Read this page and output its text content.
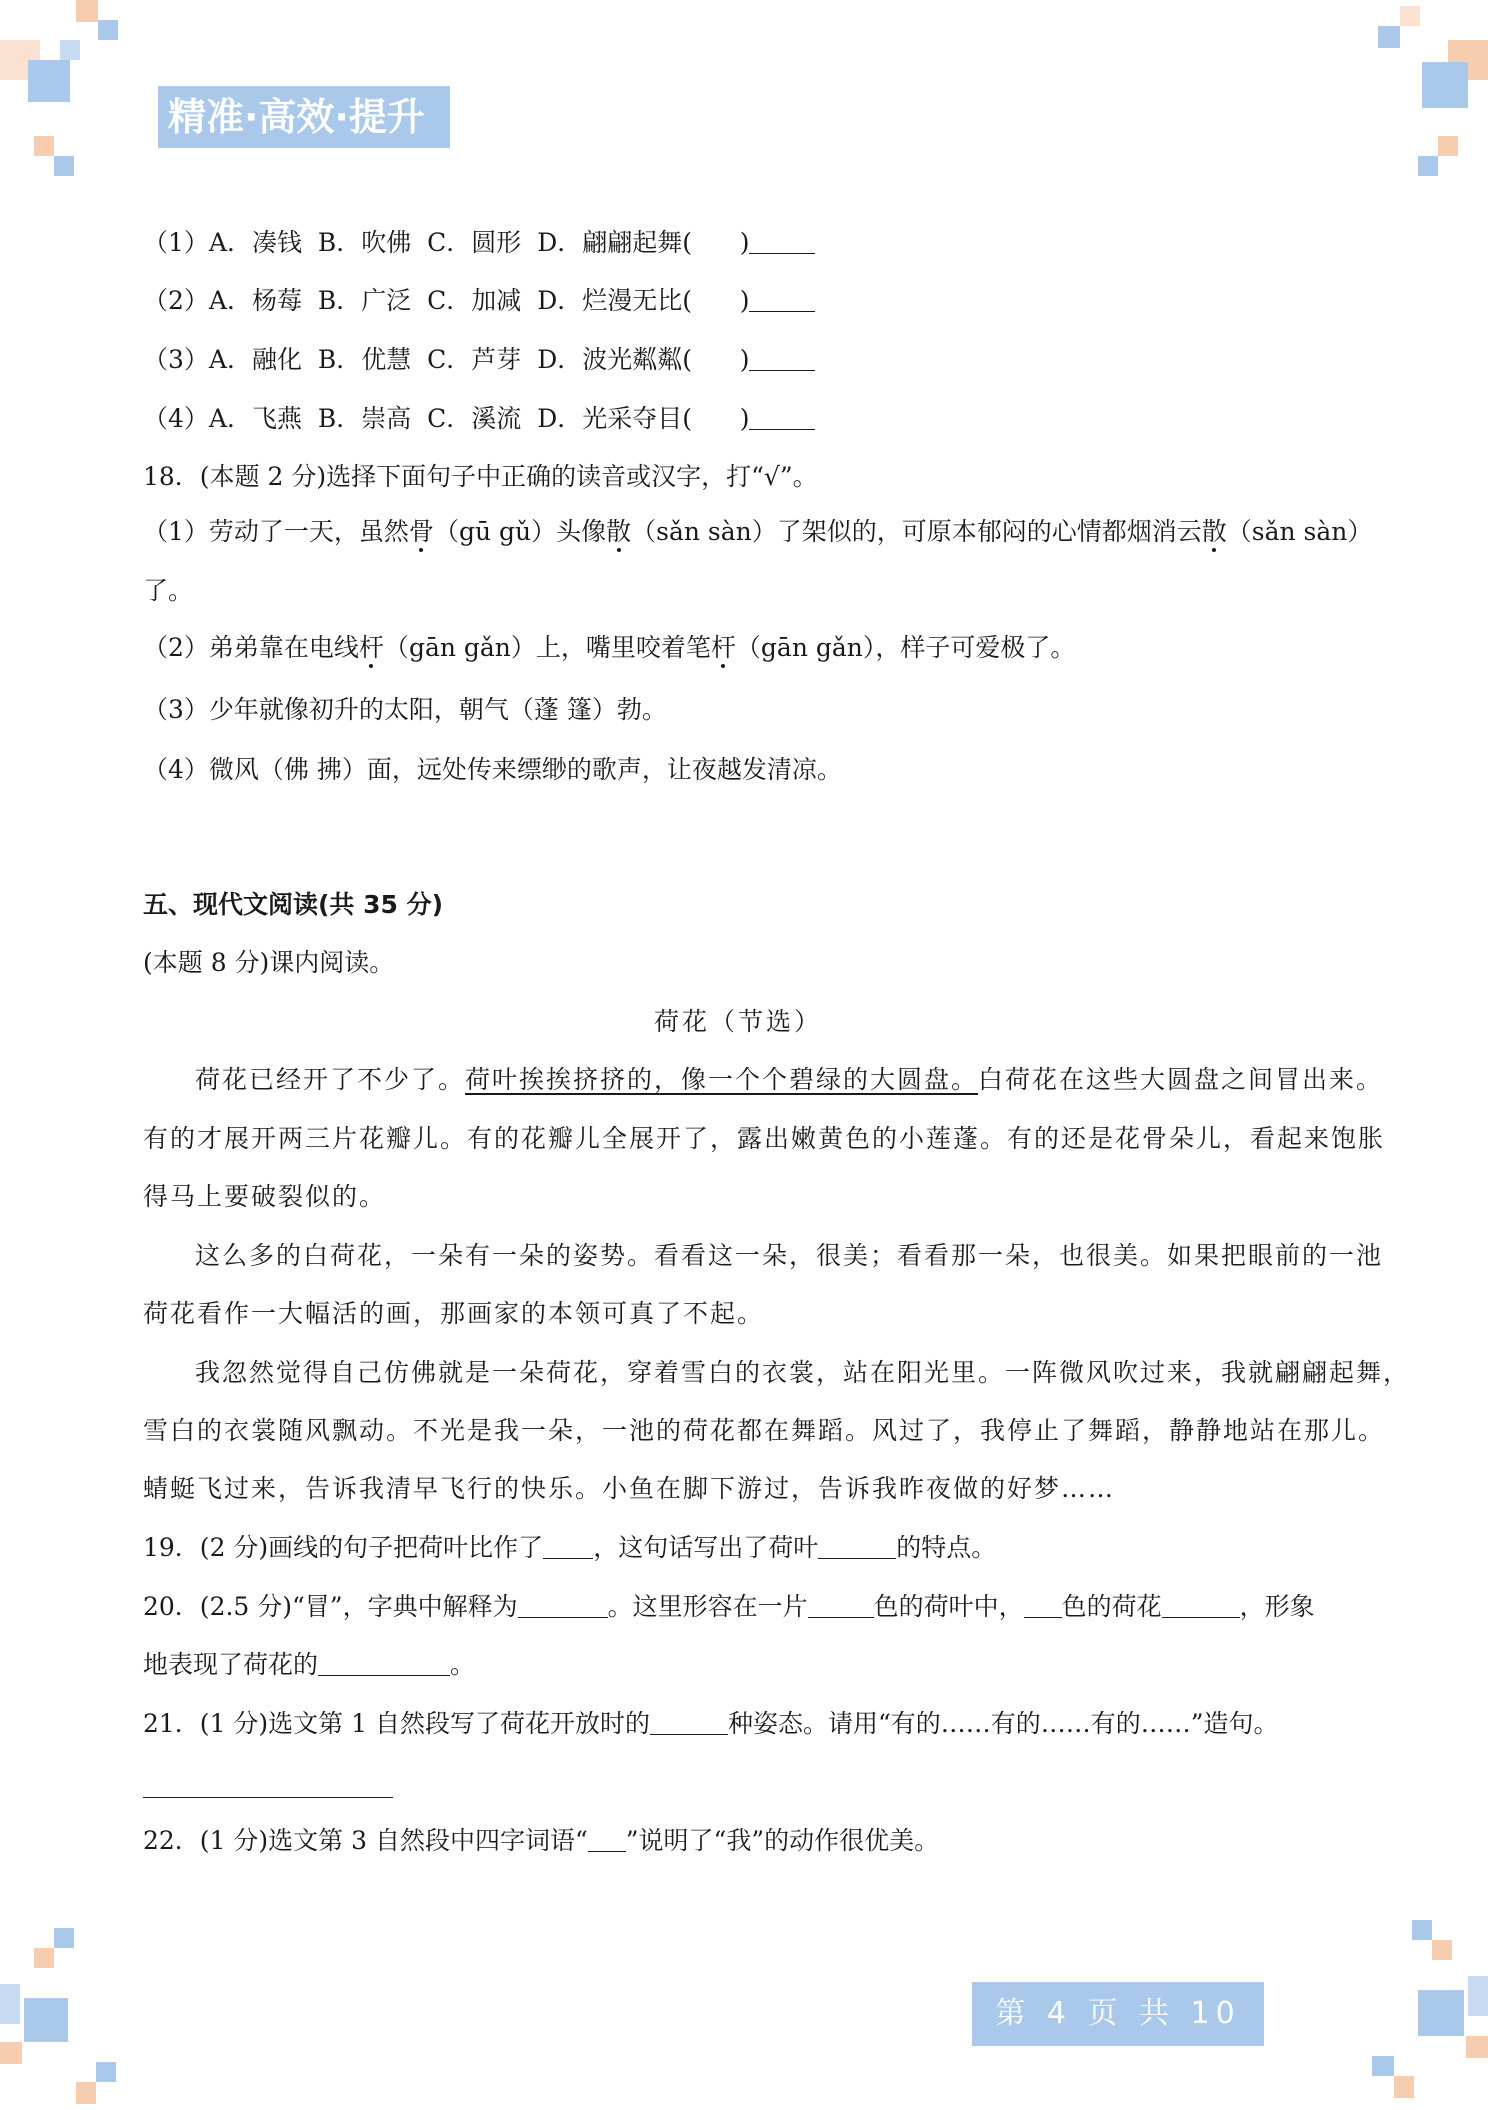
精准·高效·提升
（1）A．凑钱 B．吹佛 C．圆形 D．翩翩起舞( )
（2）A．杨莓 B．广泛 C．加减 D．烂漫无比( )
（3）A．融化 B．优慧 C．芦芽 D．波光粼粼( )
（4）A．飞燕 B．崇高 C．溪流 D．光采夺目( )
18．(本题 2 分)选择下面句子中正确的读音或汉字，打“√”。
（1）劳动了一天，虽然骨（gū gǔ）头像散（sǎn sàn）了架似的，可原本郁闷的心情都烟消云散（sǎn sàn）
了。
（2）弟弟靠在电线杆（gān gǎn）上，嘴里咬着笔杆（gān gǎn），样子可爱极了。
（3）少年就像初升的太阳，朝气（蓬 篷）勃。
（4）微风（佛 拂）面，远处传来缥缈的歌声，让夜越发清凉。
五、现代文阅读(共 35 分)
(本题 8 分)课内阅读。
荷花（节选）
荷花已经开了不少了。荷叶挨挨挤挤的，像一个个碧绿的大圆盘。白荷花在这些大圆盘之间冒出来。
有的才展开两三片花瓣儿。有的花瓣儿全展开了，露出嫩黄色的小莲蓬。有的还是花骨朵儿，看起来饱胀
得马上要破裂似的。
这么多的白荷花，一朵有一朵的姿势。看看这一朵，很美；看看那一朵，也很美。如果把眼前的一池
荷花看作一大幅活的画，那画家的本领可真了不起。
我忽然觉得自己仿佛就是一朵荷花，穿着雪白的衣裳，站在阳光里。一阵微风吹过来，我就翩翩起舞，
雪白的衣裳随风飘动。不光是我一朵，一池的荷花都在舞蹈。风过了，我停止了舞蹈，静静地站在那儿。
蜻蜓飞过来，告诉我清早飞行的快乐。小鱼在脚下游过，告诉我昨夜做的好梦……
19．(2 分)画线的句子把荷叶比作了 ，这句话写出了荷叶	的特点。
20．(2.5 分)“冒”，字典中解释为	。这里形容在一片	色的荷叶中， 色的荷花	，形象
地表现了荷花的	。
21．(1 分)选文第 1 自然段写了荷花开放时的	种姿态。请用“有的……有的……有的……”造句。
22．(1 分)选文第 3 自然段中四字词语“ ”说明了“我”的动作很优美。
第 4 页 共 10 页
